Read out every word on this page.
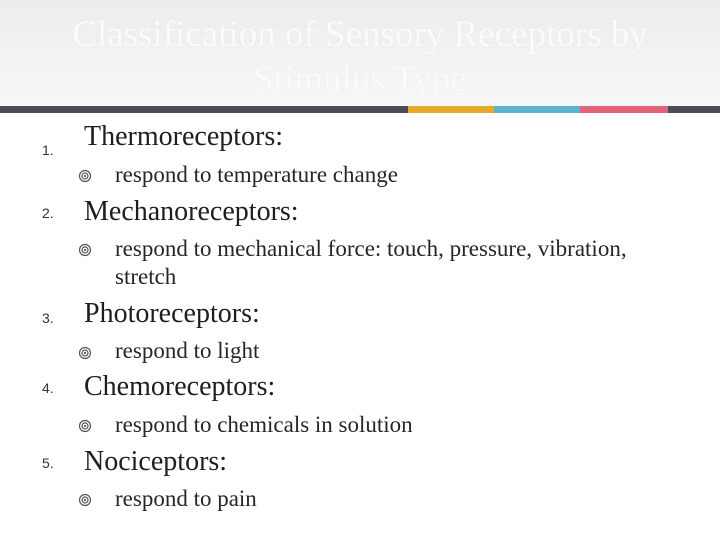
Classification of Sensory Receptors by Stimulus Type
1. Thermoreceptors:
respond to temperature change
2. Mechanoreceptors:
respond to mechanical force: touch, pressure, vibration, stretch
3. Photoreceptors:
respond to light
4. Chemoreceptors:
respond to chemicals in solution
5. Nociceptors:
respond to pain
